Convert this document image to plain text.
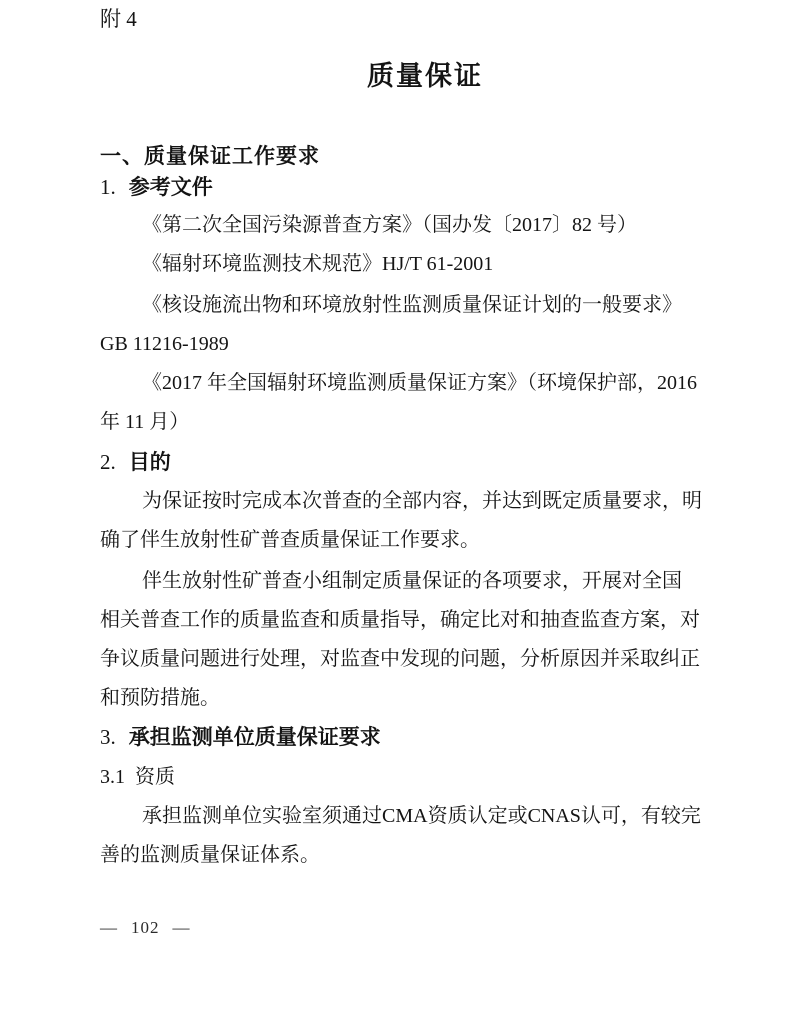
附 4
质量保证
一、质量保证工作要求
1. 参考文件
《第二次全国污染源普查方案》（国办发〔2017〕82 号）
《辐射环境监测技术规范》HJ/T 61-2001
《核设施流出物和环境放射性监测质量保证计划的一般要求》
GB 11216-1989
《2017 年全国辐射环境监测质量保证方案》（环境保护部，2016
年 11 月）
2. 目的
为保证按时完成本次普查的全部内容，并达到既定质量要求，明
确了伴生放射性矿普查质量保证工作要求。
伴生放射性矿普查小组制定质量保证的各项要求，开展对全国
相关普查工作的质量监查和质量指导，确定比对和抽查监查方案，对
争议质量问题进行处理，对监查中发现的问题，分析原因并采取纠正
和预防措施。
3. 承担监测单位质量保证要求
3.1 资质
承担监测单位实验室须通过CMA资质认定或CNAS认可，有较完
善的监测质量保证体系。
— 102 —
